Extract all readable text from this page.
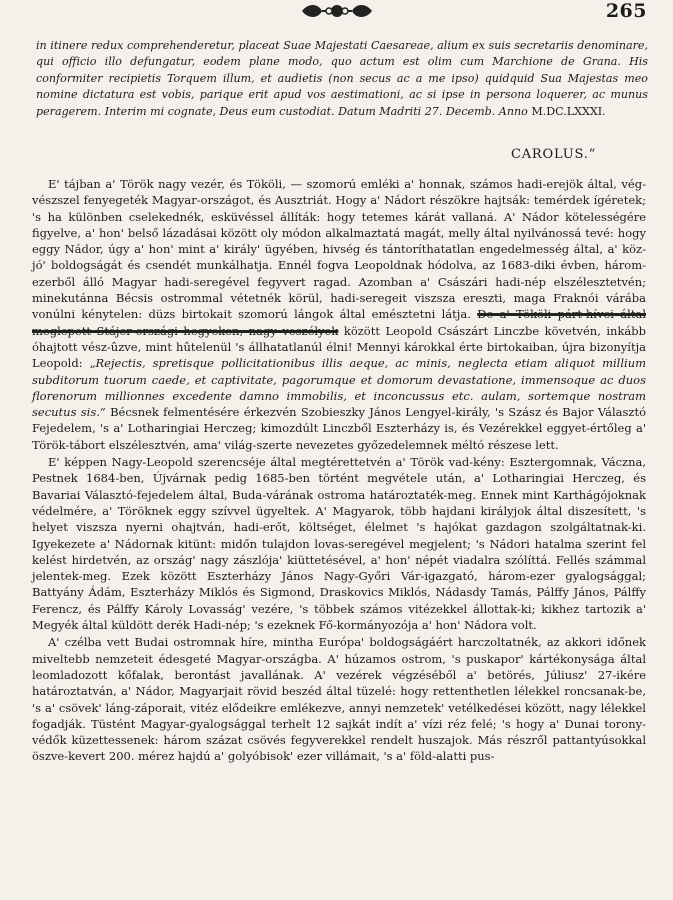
265

in itinere redux comprehenderetur, placeat Suae Majestati Caesareae, alium ex suis secretariis denominare, qui officio illo defungatur, eodem plane modo, quo actum est olim cum Marchione de Grana. His conformiter recipietis Torquem illum, et audietis (non secus ac a me ipso) quidquid Sua Majestas meo nomine dictatura est vobis, parique erit apud vos aestimationi, ac si ipse in persona loquerer, ac munus peragerem. Interim mi cognate, Deus eum custodiat. Datum Madriti 27. Decemb. Anno M.DC.LXXXI.

CAROLUS.“

E' tájban a' Török nagy vezér, és Tököli, — szomorú emléki a' honnak, számos hadi-erejök által, vég-vészszel fenyegeték Magyar-országot, és Ausztriát. Hogy a' Nádort részökre hajtsák: temérdek ígéretek; 's ha különben cselekednék, esküvéssel állíták: hogy tetemes kárát vallaná. A' Nádor kötelességére figyelve, a' hon' belső lázadásai között oly módon alkalmaztatá magát, melly által nyilvánossá tevé: hogy eggy Nádor, úgy a' hon' mint a' király' ügyében, hivség és tántoríthatatlan engedelmesség által, a' köz-jó' boldogságát és csendét munkálhatja. Ennél fogva Leopoldnak hódolva, az 1683-diki évben, három-ezerből álló Magyar hadi-seregével fegyvert ragad. Azomban a' Császári hadi-nép elszélesztetvén; minekutánna Bécsis ostrommal vétetnék körül, hadi-seregeit viszsza ereszti, maga Fraknói várába vonúlni kénytelen: düzs birtokait szomorú lángok által emésztetni látja. De a' Tököli párt-hívei által meglepett Stájer-országi hegyeken, nagy veszélyek között Leopold Császárt Linczbe követvén, inkább óhajtott vész-ûzve, mint hûtelenül 's állhatatlanúl élni! Mennyi károkkal érte birtokaiban, újra bizonyítja Leopold: „Rejectis, spretisque pollicitationibus illis aeque, ac minis, neglecta etiam aliquot millium subditorum tuorum caede, et captivitate, pagorumque et domorum devastatione, immensoque ac duos florenorum millionnes excedente damno immobilis, et inconcussus etc. aulam, sortemque nostram secutus sis.“ Bécsnek felmentésére érkezvén Szobieszky János Lengyel-király, 's Szász és Bajor Választó Fejedelem, 's a' Lotharingiai Herczeg; kimozdúlt Linczből Eszterházy is, és Vezérekkel eggyet-értőleg a' Török-tábort elszélesztvén, ama' világ-szerte nevezetes győzedelemnek méltó részese lett.

E' képpen Nagy-Leopold szerencséje által megtérettetvén a' Török vad-kény: Esztergomnak, Váczna, Pestnek 1684-ben, Újvárnak pedig 1685-ben történt megvétele után, a' Lotharingiai Herczeg, és Bavariai Választó-fejedelem által, Buda-várának ostroma határoztaték-meg. Ennek mint Karthágójoknak védelmére, a' Töröknek eggy szívvel ügyeltek. A' Magyarok, több hajdani királyjok által diszesített, 's helyet viszsza nyerni ohajtván, hadi-erőt, költséget, élelmet 's hajókat gazdagon szolgáltatnak-ki. Igyekezete a' Nádornak kitünt: midőn tulajdon lovas-seregével megjelent; 's Nádori hatalma szerint fel kelést hirdetvén, az ország' nagy zászlója' kiüttetésével, a' hon' népét viadalra szólíttá. Fellés számmal jelentek-meg. Ezek között Eszterházy János Nagy-Győri Vár-igazgató, három-ezer gyalogsággal; Battyány Ádám, Eszterházy Miklós és Sigmond, Draskovics Miklós, Nádasdy Tamás, Pálffy János, Pálffy Ferencz, és Pálffy Károly Lovasság' vezére, 's többek számos vitézekkel állottak-ki; kikhez tartozik a' Megyék által küldött derék Hadi-nép; 's ezeknek Fő-kormányozója a' hon' Nádora volt.

A' czélba vett Budai ostromnak híre, mintha Európa' boldogságáért harczoltatnék, az akkori időnek miveltebb nemzeteit édesgeté Magyar-országba. A' húzamos ostrom, 's puskapor' kártékonysága által leomladozott kőfalak, berontást javallának. A' vezérek végzéséből a' betörés, Júliusz' 27-ikére határoztatván, a' Nádor, Magyarjait rövid beszéd által tüzelé: hogy rettenthetlen lélekkel roncsanak-be, 's a' csövek' láng-záporait, vitéz elődeikre emlékezve, annyi nemzetek' vetélkedései között, nagy lélekkel fogadják. Tüstént Magyar-gyalogsággal terhelt 12 sajkát indít a' vízi réz felé; 's hogy a' Dunai torony-védők küzettessenek: három százat csövés fegyverekkel rendelt huszajok. Más részről pattantyúsokkal öszve-kevert 200. mérez hajdú a' golyóbisok' ezer villámait, 's a' föld-alatti pus-
